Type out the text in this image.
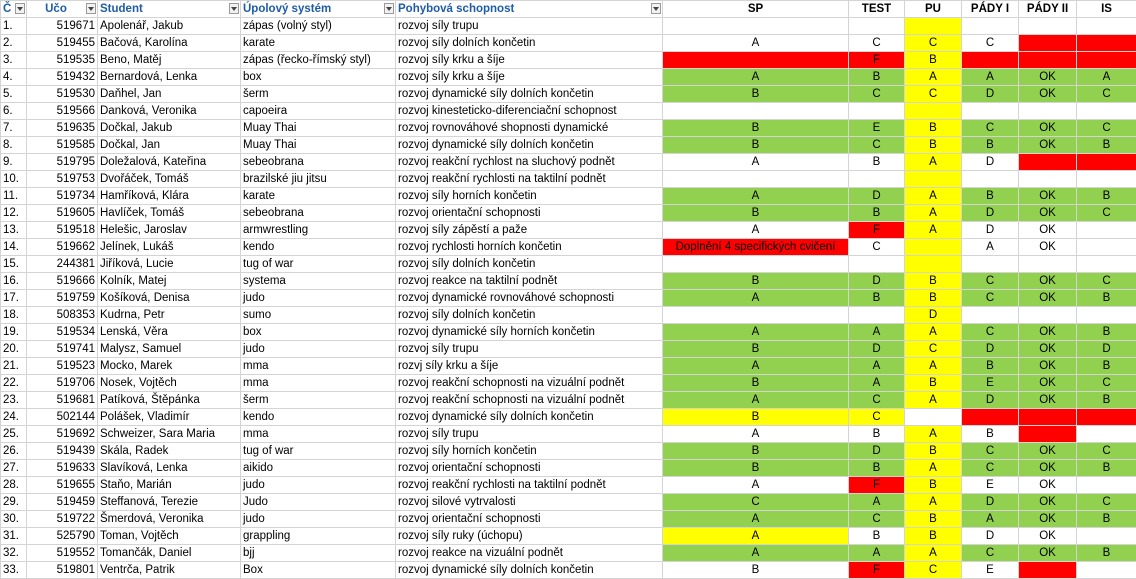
Č	Učo	Student	Úpolový systém	Pohybová schopnost	SP	TEST	PU	PÁDY I	PÁDY II	IS
1.	519671	Apolenář, Jakub	zápas (volný styl)	rozvoj síly trupu						
2.	519455	Bačová, Karolína	karate	rozvoj síly dolních končetin	A	C	C	C		
3.	519535	Beno, Matěj	zápas (řecko-římský styl)	rozvoj síly krku a šíje		F	B			
4.	519432	Bernardová, Lenka	box	rozvoj síly krku a šíje	A	B	A	A	OK	A
5.	519530	Daňhel, Jan	šerm	rozvoj dynamické síly dolních končetin	B	C	C	D	OK	C
6.	519566	Danková, Veronika	capoeira	rozvoj kinesteticko-diferenciační schopnost						
7.	519635	Dočkal, Jakub	Muay Thai	rozvoj rovnováhové shopnosti dynamické	B	E	B	C	OK	C
8.	519585	Dočkal, Jan	Muay Thai	rozvoj dynamické síly dolních končetin	B	C	B	B	OK	B
9.	519795	Doležalová, Kateřina	sebeobrana	rozvoj reakční rychlost na sluchový podnět	A	B	A	D		
10.	519753	Dvořáček, Tomáš	brazilské jiu jitsu	rozvoj reakční rychlosti na taktilní podnět						
11.	519734	Hamříková, Klára	karate	rozvoj síly horních končetin	A	D	A	B	OK	B
12.	519605	Havlíček, Tomáš	sebeobrana	rozvoj orientační schopnosti	B	B	A	D	OK	C
13.	519518	Helešic, Jaroslav	armwrestling	rozvoj síly zápěstí a paže	A	F	A	D	OK	
14.	519662	Jelínek, Lukáš	kendo	rozvoj rychlosti horních končetin	Doplnění 4 specifických cvičení	C		A	OK	
15.	244381	Jiříková, Lucie	tug of war	rozvoj síly dolních končetin						
16.	519666	Kolník, Matej	systema	rozvoj reakce na taktilní podnět	B	D	B	C	OK	C
17.	519759	Košíková, Denisa	judo	rozvoj dynamické rovnováhové schopnosti	A	B	B	C	OK	B
18.	508353	Kudrna, Petr	sumo	rozvoj síly dolních končetin			D			
19.	519534	Lenská, Věra	box	rozvoj dynamické síly horních končetin	A	A	A	C	OK	B
20.	519741	Malysz, Samuel	judo	rozvoj síly trupu	B	D	C	D	OK	D
21.	519523	Mocko, Marek	mma	rozvj síly krku a šíje	A	A	A	B	OK	B
22.	519706	Nosek, Vojtěch	mma	rozvoj reakční schopnosti na vizuální podnět	B	A	B	E	OK	C
23.	519681	Patíková, Štěpánka	šerm	rozvoj reakční schopnosti na vizuální podnět	A	C	A	D	OK	B
24.	502144	Polášek, Vladimír	kendo	rozvoj dynamické síly dolních končetin	B	C				
25.	519692	Schweizer, Sara Maria	mma	rozvoj síly trupu	A	B	A	B		
26.	519439	Skála, Radek	tug of war	rozvoj síly horních končetin	B	D	B	C	OK	C
27.	519633	Slavíková, Lenka	aikido	rozvoj orientační schopnosti	B	B	A	C	OK	B
28.	519655	Staňo, Marián	judo	rozvoj reakční rychlosti na taktilní podnět	A	F	B	E	OK	
29.	519459	Steffanová, Terezie	Judo	rozvoj silové vytrvalosti	C	A	A	D	OK	C
30.	519722	Šmerdová, Veronika	judo	rozvoj orientační schopnosti	A	C	B	A	OK	B
31.	525790	Toman, Vojtěch	grappling	rozvoj síly ruky (úchopu)	A	B	B	D	OK	
32.	519552	Tomančák, Daniel	bjj	rozvoj reakce na vizuální podnět	A	A	A	C	OK	B
33.	519801	Ventrča, Patrik	Box	rozvoj dynamické síly dolních končetin	B	F	C	E		
